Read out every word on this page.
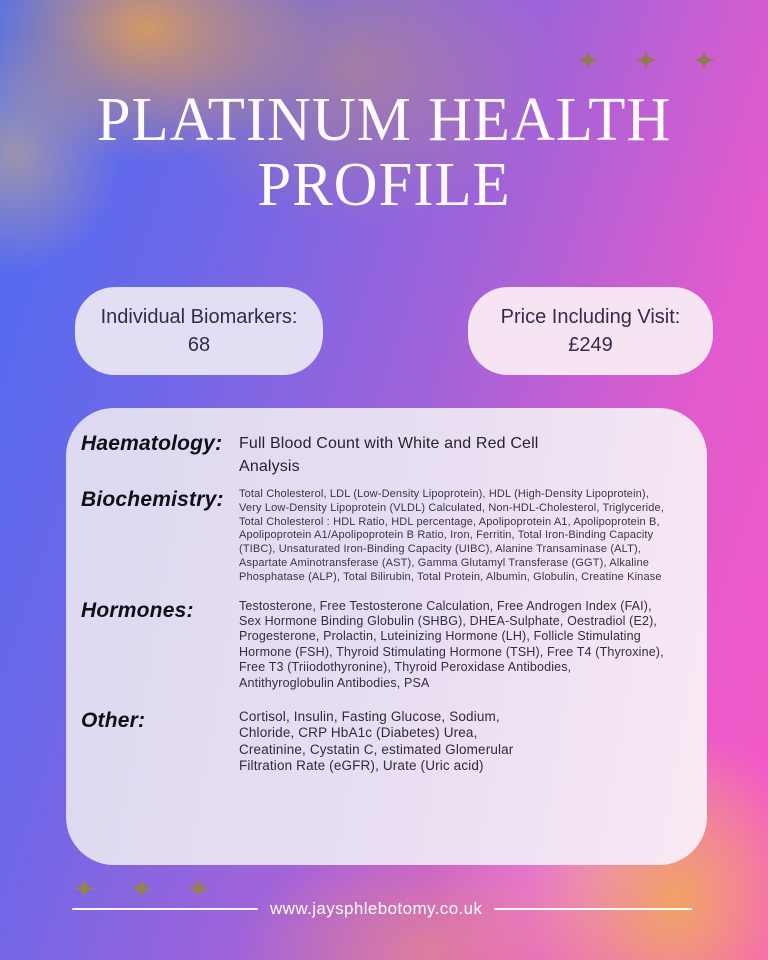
PLATINUM HEALTH
PROFILE
Individual Biomarkers:
68
Price Including Visit:
£249
Haematology:	Full Blood Count with White and Red Cell Analysis
Biochemistry:	Total Cholesterol, LDL (Low-Density Lipoprotein), HDL (High-Density Lipoprotein), Very Low-Density Lipoprotein (VLDL) Calculated, Non-HDL-Cholesterol, Triglyceride, Total Cholesterol : HDL Ratio, HDL percentage, Apolipoprotein A1, Apolipoprotein B, Apolipoprotein A1/Apolipoprotein B Ratio, Iron, Ferritin, Total Iron-Binding Capacity (TIBC), Unsaturated Iron-Binding Capacity (UIBC), Alanine Transaminase (ALT), Aspartate Aminotransferase (AST), Gamma Glutamyl Transferase (GGT), Alkaline Phosphatase (ALP), Total Bilirubin, Total Protein, Albumin, Globulin, Creatine Kinase
Hormones:	Testosterone, Free Testosterone Calculation, Free Androgen Index (FAI), Sex Hormone Binding Globulin (SHBG), DHEA-Sulphate, Oestradiol (E2), Progesterone, Prolactin, Luteinizing Hormone (LH), Follicle Stimulating Hormone (FSH), Thyroid Stimulating Hormone (TSH), Free T4 (Thyroxine), Free T3 (Triiodothyronine), Thyroid Peroxidase Antibodies, Antithyroglobulin Antibodies, PSA
Other:	Cortisol, Insulin, Fasting Glucose, Sodium, Chloride, CRP HbA1c (Diabetes) Urea, Creatinine, Cystatin C, estimated Glomerular Filtration Rate (eGFR), Urate (Uric acid)
www.jaysphlebotomy.co.uk
